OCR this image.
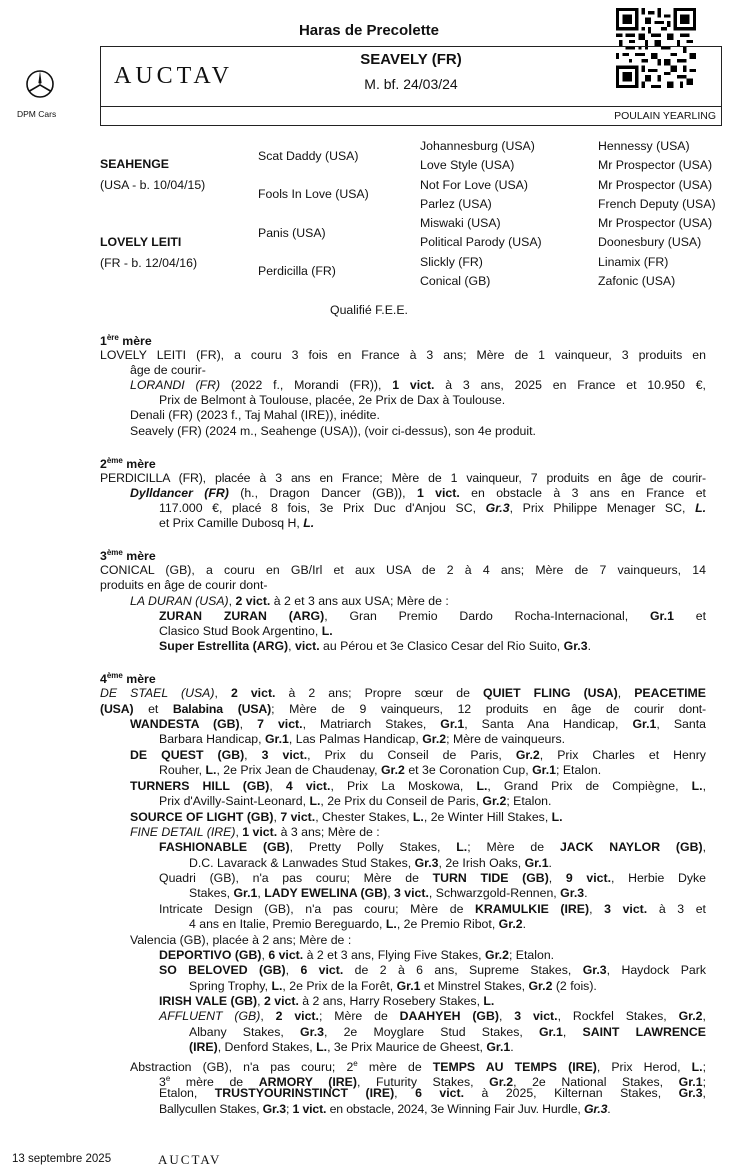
Haras de Precolette
DPM Cars
AUCTAV
SEAVELY (FR)
M. bf. 24/03/24
POULAIN YEARLING
SEAHENGE
(USA - b. 10/04/15)
LOVELY LEITI
(FR - b. 12/04/16)
Scat Daddy (USA)
Fools In Love (USA)
Panis (USA)
Perdicilla (FR)
Johannesburg (USA)
Love Style (USA)
Not For Love (USA)
Parlez (USA)
Miswaki (USA)
Political Parody (USA)
Slickly (FR)
Conical (GB)
Hennessy (USA)
Mr Prospector (USA)
Mr Prospector (USA)
French Deputy (USA)
Mr Prospector (USA)
Doonesbury (USA)
Linamix (FR)
Zafonic (USA)
Qualifié F.E.E.
1ère mère
LOVELY LEITI (FR), a couru 3 fois en France à 3 ans; Mère de 1 vainqueur, 3 produits en
âge de courir-
LORANDI (FR) (2022 f., Morandi (FR)), 1 vict. à 3 ans, 2025 en France et 10.950 €,
Prix de Belmont à Toulouse, placée, 2e Prix de Dax à Toulouse.
Denali (FR) (2023 f., Taj Mahal (IRE)), inédite.
Seavely (FR) (2024 m., Seahenge (USA)), (voir ci-dessus), son 4e produit.
2ème mère
PERDICILLA (FR), placée à 3 ans en France; Mère de 1 vainqueur, 7 produits en âge de courir-
Dylldancer (FR) (h., Dragon Dancer (GB)), 1 vict. en obstacle à 3 ans en France et
117.000 €, placé 8 fois, 3e Prix Duc d'Anjou SC, Gr.3, Prix Philippe Menager SC, L.
et Prix Camille Dubosq H, L.
3ème mère
CONICAL (GB), a couru en GB/Irl et aux USA de 2 à 4 ans; Mère de 7 vainqueurs, 14
produits en âge de courir dont-
LA DURAN (USA), 2 vict. à 2 et 3 ans aux USA; Mère de :
ZURAN ZURAN (ARG), Gran Premio Dardo Rocha-Internacional, Gr.1 et
Clasico Stud Book Argentino, L.
Super Estrellita (ARG), vict. au Pérou et 3e Clasico Cesar del Rio Suito, Gr.3.
4ème mère
DE STAEL (USA), 2 vict. à 2 ans; Propre sœur de QUIET FLING (USA), PEACETIME
(USA) et Balabina (USA); Mère de 9 vainqueurs, 12 produits en âge de courir dont-
WANDESTA (GB), 7 vict., Matriarch Stakes, Gr.1, Santa Ana Handicap, Gr.1, Santa
Barbara Handicap, Gr.1, Las Palmas Handicap, Gr.2; Mère de vainqueurs.
DE QUEST (GB), 3 vict., Prix du Conseil de Paris, Gr.2, Prix Charles et Henry
Rouher, L., 2e Prix Jean de Chaudenay, Gr.2 et 3e Coronation Cup, Gr.1; Etalon.
TURNERS HILL (GB), 4 vict., Prix La Moskowa, L., Grand Prix de Compiègne, L.,
Prix d'Avilly-Saint-Leonard, L., 2e Prix du Conseil de Paris, Gr.2; Etalon.
SOURCE OF LIGHT (GB), 7 vict., Chester Stakes, L., 2e Winter Hill Stakes, L.
FINE DETAIL (IRE), 1 vict. à 3 ans; Mère de :
FASHIONABLE (GB), Pretty Polly Stakes, L.; Mère de JACK NAYLOR (GB),
D.C. Lavarack & Lanwades Stud Stakes, Gr.3, 2e Irish Oaks, Gr.1.
Quadri (GB), n'a pas couru; Mère de TURN TIDE (GB), 9 vict., Herbie Dyke
Stakes, Gr.1, LADY EWELINA (GB), 3 vict., Schwarzgold-Rennen, Gr.3.
Intricate Design (GB), n'a pas couru; Mère de KRAMULKIE (IRE), 3 vict. à 3 et
4 ans en Italie, Premio Bereguardo, L., 2e Premio Ribot, Gr.2.
Valencia (GB), placée à 2 ans; Mère de :
DEPORTIVO (GB), 6 vict. à 2 et 3 ans, Flying Five Stakes, Gr.2; Etalon.
SO BELOVED (GB), 6 vict. de 2 à 6 ans, Supreme Stakes, Gr.3, Haydock Park
Spring Trophy, L., 2e Prix de la Forêt, Gr.1 et Minstrel Stakes, Gr.2 (2 fois).
IRISH VALE (GB), 2 vict. à 2 ans, Harry Rosebery Stakes, L.
AFFLUENT (GB), 2 vict.; Mère de DAAHYEH (GB), 3 vict., Rockfel Stakes, Gr.2,
Albany Stakes, Gr.3, 2e Moyglare Stud Stakes, Gr.1, SAINT LAWRENCE
(IRE), Denford Stakes, L., 3e Prix Maurice de Gheest, Gr.1.
Abstraction (GB), n'a pas couru; 2e mère de TEMPS AU TEMPS (IRE), Prix Herod, L.;
3e mère de ARMORY (IRE), Futurity Stakes, Gr.2, 2e National Stakes, Gr.1;
Etalon, TRUSTYOURINSTINCT (IRE), 6 vict. à 2025, Kilternan Stakes, Gr.3,
Ballycullen Stakes, Gr.3; 1 vict. en obstacle, 2024, 3e Winning Fair Juv. Hurdle, Gr.3.
13 septembre 2025	AUCTAV
